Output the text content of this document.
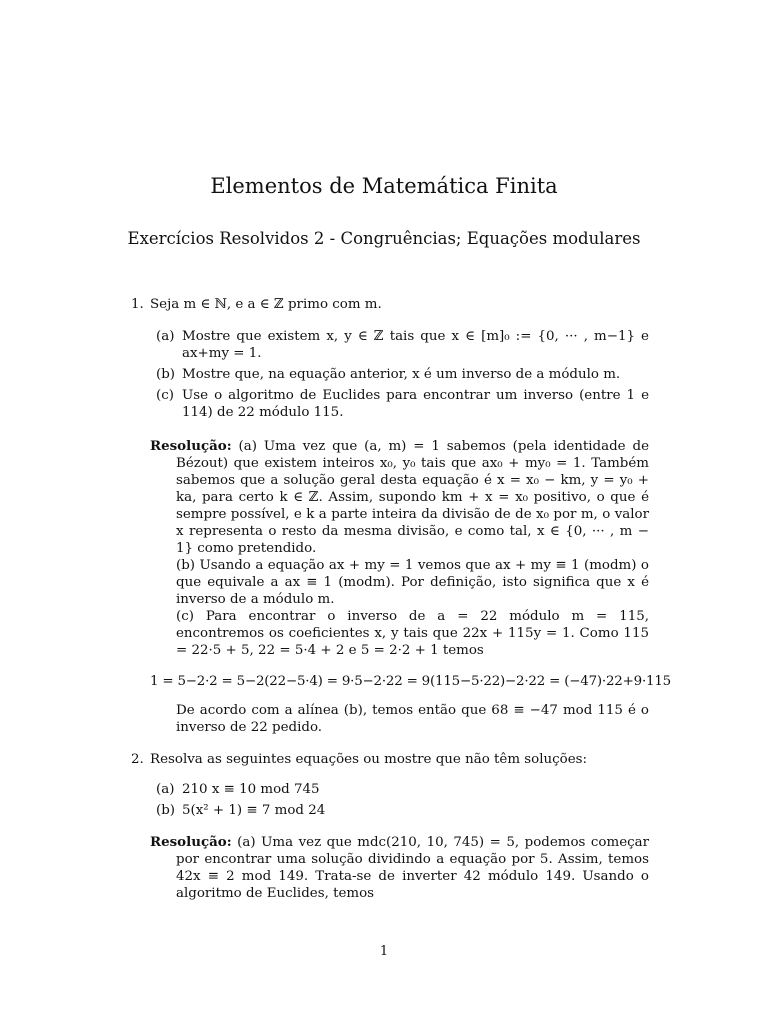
Elementos de Matemática Finita
Exercícios Resolvidos 2 - Congruências; Equações modulares
1. Seja m ∈ ℕ, e a ∈ ℤ primo com m.
(a) Mostre que existem x, y ∈ ℤ tais que x ∈ [m]₀ := {0, ··· , m−1} e ax+my = 1.
(b) Mostre que, na equação anterior, x é um inverso de a módulo m.
(c) Use o algoritmo de Euclides para encontrar um inverso (entre 1 e 114) de 22 módulo 115.
Resolução: (a) Uma vez que (a, m) = 1 sabemos (pela identidade de Bézout) que existem inteiros x₀, y₀ tais que ax₀ + my₀ = 1. Também sabemos que a solução geral desta equação é x = x₀ − km, y = y₀ + ka, para certo k ∈ ℤ. Assim, supondo km + x = x₀ positivo, o que é sempre possível, e k a parte inteira da divisão de de x₀ por m, o valor x representa o resto da mesma divisão, e como tal, x ∈ {0, ··· , m − 1} como pretendido.
(b) Usando a equação ax + my = 1 vemos que ax + my ≡ 1 (modm) o que equivale a ax ≡ 1 (modm). Por definição, isto significa que x é inverso de a módulo m.
(c) Para encontrar o inverso de a = 22 módulo m = 115, encontremos os coeficientes x, y tais que 22x + 115y = 1. Como 115 = 22·5 + 5, 22 = 5·4 + 2 e 5 = 2·2 + 1 temos
1 = 5−2·2 = 5−2(22−5·4) = 9·5−2·22 = 9(115−5·22)−2·22 = (−47)·22+9·115
De acordo com a alínea (b), temos então que 68 ≡ −47 mod 115 é o inverso de 22 pedido.
2. Resolva as seguintes equações ou mostre que não têm soluções:
(a) 210 x ≡ 10 mod 745
(b) 5(x² + 1) ≡ 7 mod 24
Resolução: (a) Uma vez que mdc(210, 10, 745) = 5, podemos começar por encontrar uma solução dividindo a equação por 5. Assim, temos 42x ≡ 2 mod 149. Trata-se de inverter 42 módulo 149. Usando o algoritmo de Euclides, temos
1
